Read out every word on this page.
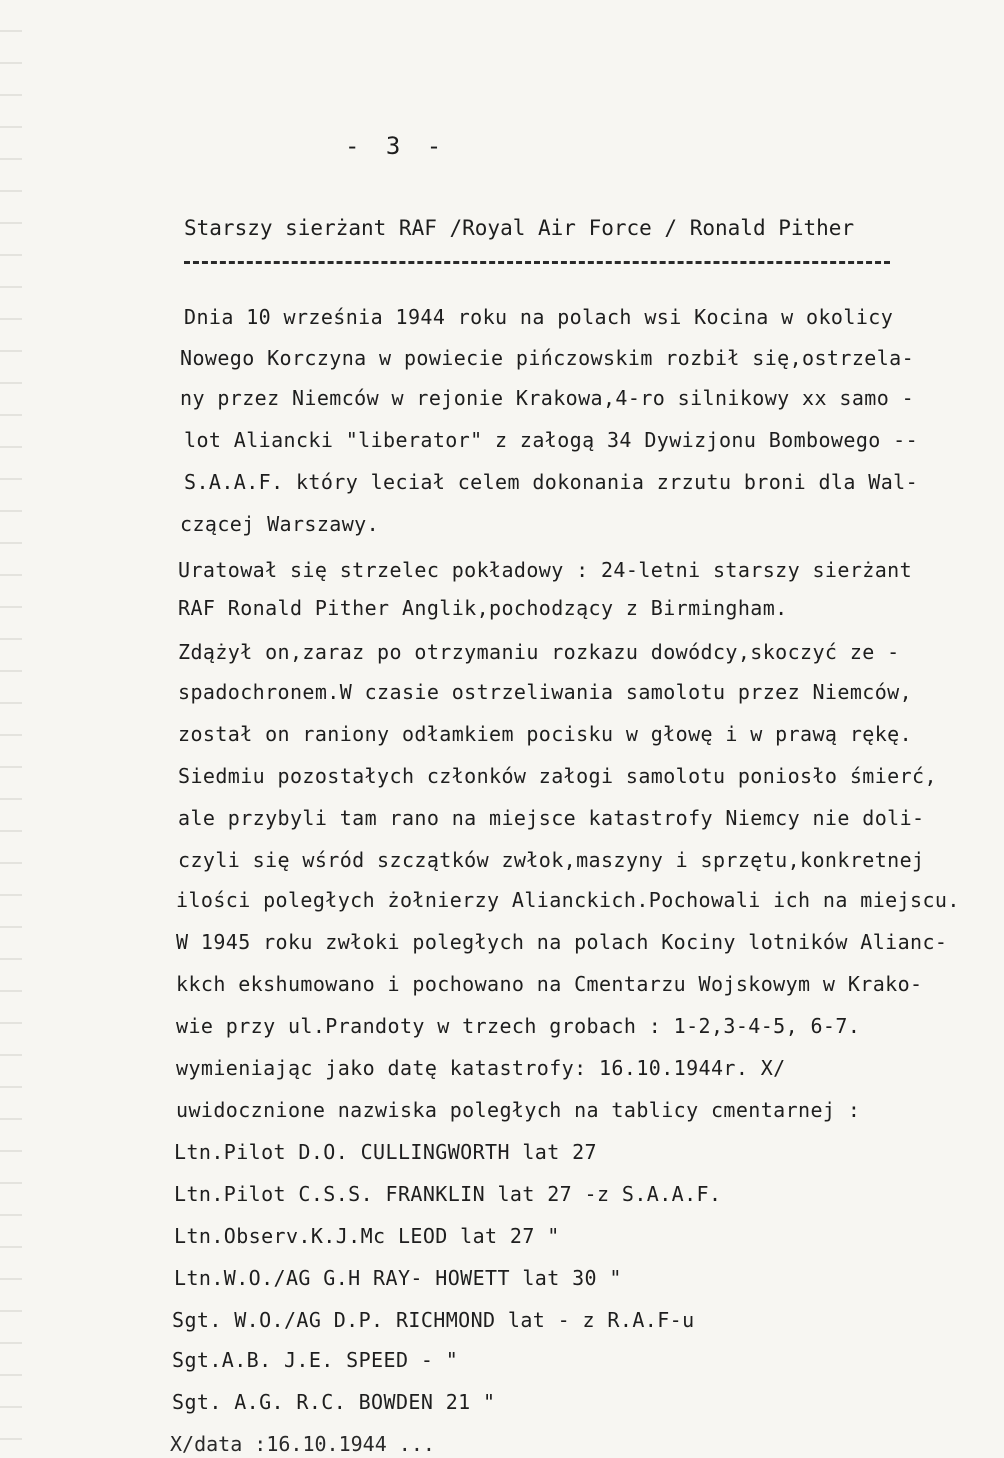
- 3 -
Starszy sierżant RAF /Royal Air Force / Ronald Pither
Dnia 10 września 1944 roku na polach wsi Kocina w okolicy
Nowego Korczyna w powiecie pińczowskim rozbił się,ostrzela-
ny przez Niemców w rejonie Krakowa,4-ro silnikowy xx samo -
lot Aliancki "liberator" z załogą 34 Dywizjonu Bombowego --
S.A.A.F. który leciał celem dokonania zrzutu broni dla Wal-
czącej Warszawy.
Uratował się strzelec pokładowy : 24-letni starszy sierżant
RAF Ronald Pither Anglik,pochodzący z Birmingham.
Zdążył on,zaraz po otrzymaniu rozkazu dowódcy,skoczyć ze -
spadochronem.W czasie ostrzeliwania samolotu przez Niemców,
został on raniony odłamkiem pocisku w głowę i w prawą rękę.
Siedmiu pozostałych członków załogi samolotu poniosło śmierć,
ale przybyli tam rano na miejsce katastrofy Niemcy nie doli-
czyli się wśród szczątków zwłok,maszyny i sprzętu,konkretnej
ilości poległych żołnierzy Alianckich.Pochowali ich na miejscu.
W 1945 roku zwłoki poległych na polach Kociny lotników Alianc-
kkch ekshumowano i pochowano na Cmentarzu Wojskowym w Krako-
wie przy ul.Prandoty w trzech grobach : 1-2,3-4-5, 6-7.
wymieniając jako datę katastrofy: 16.10.1944r. X/
uwidocznione nazwiska poległych na tablicy cmentarnej :
Ltn.Pilot D.O. CULLINGWORTH lat 27
Ltn.Pilot C.S.S. FRANKLIN lat 27 -z S.A.A.F.
Ltn.Observ.K.J.Mc LEOD lat 27 "
Ltn.W.O./AG G.H RAY- HOWETT lat 30 "
Sgt. W.O./AG D.P. RICHMOND lat - z R.A.F-u
Sgt.A.B. J.E. SPEED - "
Sgt. A.G. R.C. BOWDEN 21 "
X/data :16.10.1944 ...
